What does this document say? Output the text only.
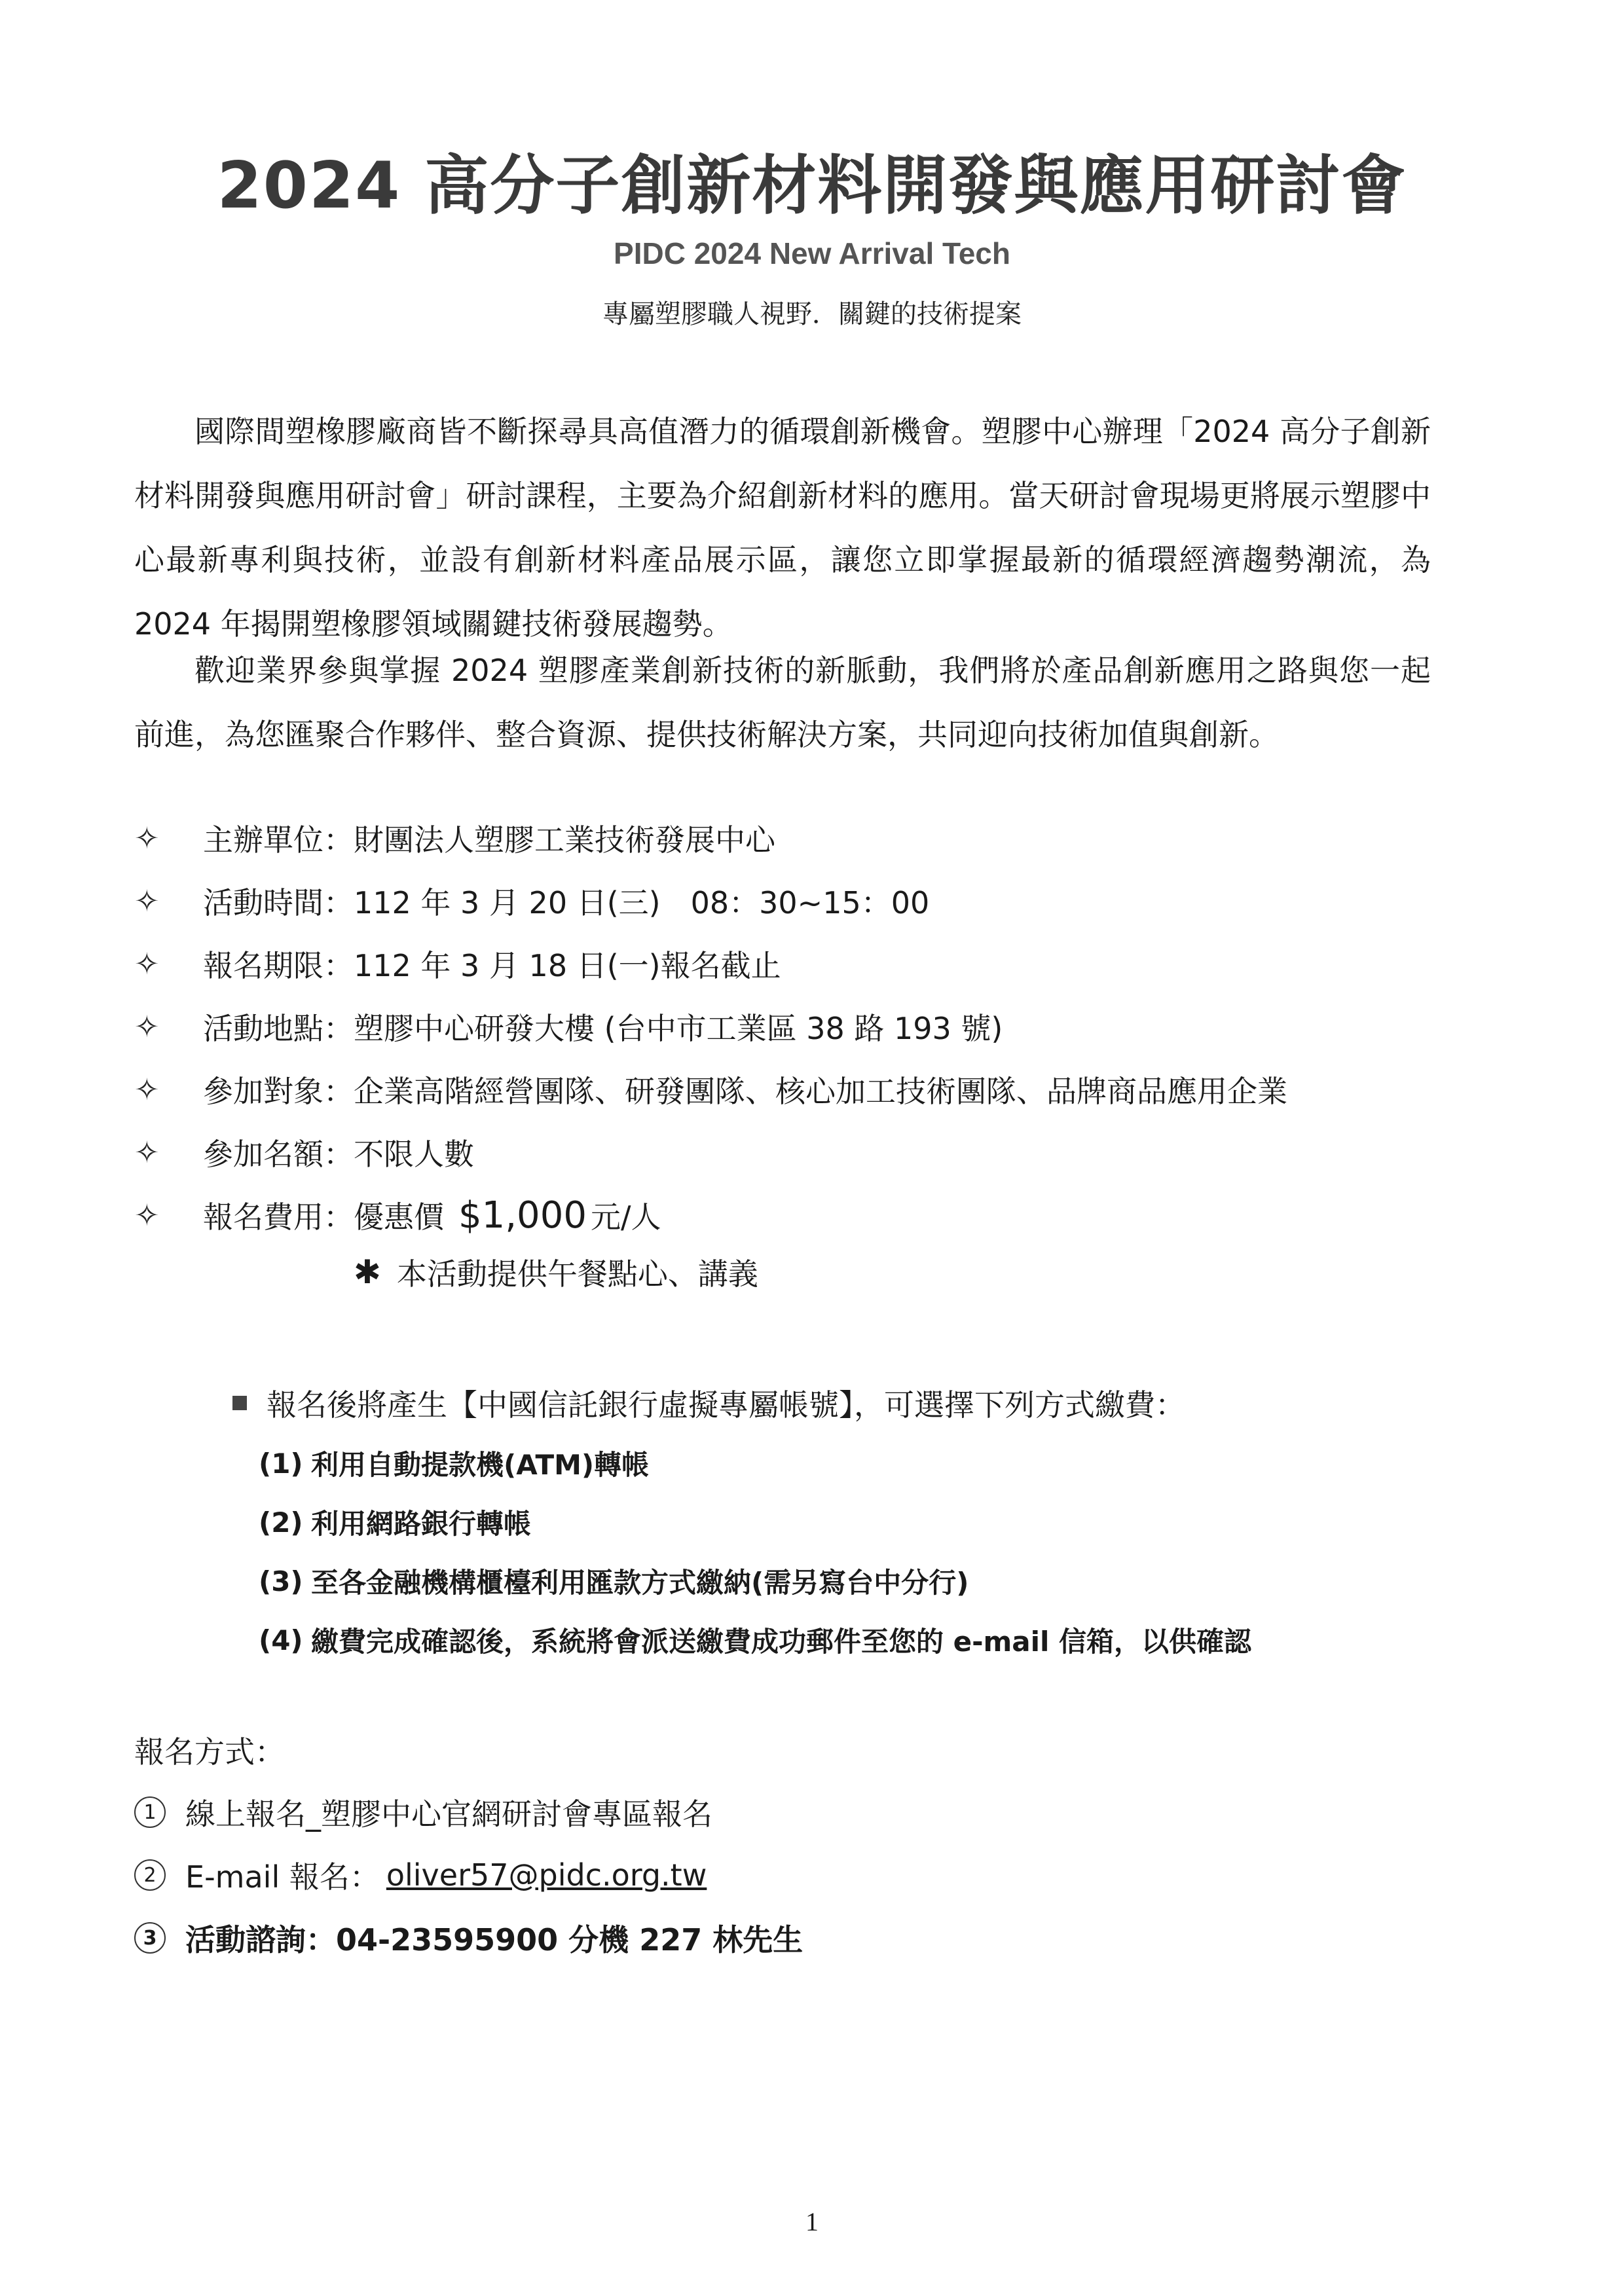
2024 高分子創新材料開發與應用研討會
PIDC 2024 New Arrival Tech
專屬塑膠職人視野．關鍵的技術提案

國際間塑橡膠廠商皆不斷探尋具高值潛力的循環創新機會。塑膠中心辦理「2024 高分子創新材料開發與應用研討會」研討課程，主要為介紹創新材料的應用。當天研討會現場更將展示塑膠中心最新專利與技術，並設有創新材料產品展示區，讓您立即掌握最新的循環經濟趨勢潮流，為 2024 年揭開塑橡膠領域關鍵技術發展趨勢。

歡迎業界參與掌握 2024 塑膠產業創新技術的新脈動，我們將於產品創新應用之路與您一起前進，為您匯聚合作夥伴、整合資源、提供技術解決方案，共同迎向技術加值與創新。

✧	主辦單位： 財團法人塑膠工業技術發展中心
✧	活動時間： 112 年 3 月 20 日(三)　08：30~15：00
✧	報名期限： 112 年 3 月 18 日(一)報名截止
✧	活動地點： 塑膠中心研發大樓 (台中市工業區 38 路 193 號)
✧	參加對象： 企業高階經營團隊、研發團隊、核心加工技術團隊、品牌商品應用企業
✧	參加名額： 不限人數
✧	報名費用： 優惠價 $1,000 元/人
✱ 本活動提供午餐點心、講義
報名後將產生【中國信託銀行虛擬專屬帳號】，可選擇下列方式繳費：
(1) 利用自動提款機(ATM)轉帳
(2) 利用網路銀行轉帳
(3) 至各金融機構櫃檯利用匯款方式繳納(需另寫台中分行)
(4) 繳費完成確認後，系統將會派送繳費成功郵件至您的 e-mail 信箱，以供確認
報名方式：
1 線上報名_塑膠中心官網研討會專區報名
2 E-mail 報名： oliver57@pidc.org.tw
3 活動諮詢：04-23595900 分機 227 林先生
1
